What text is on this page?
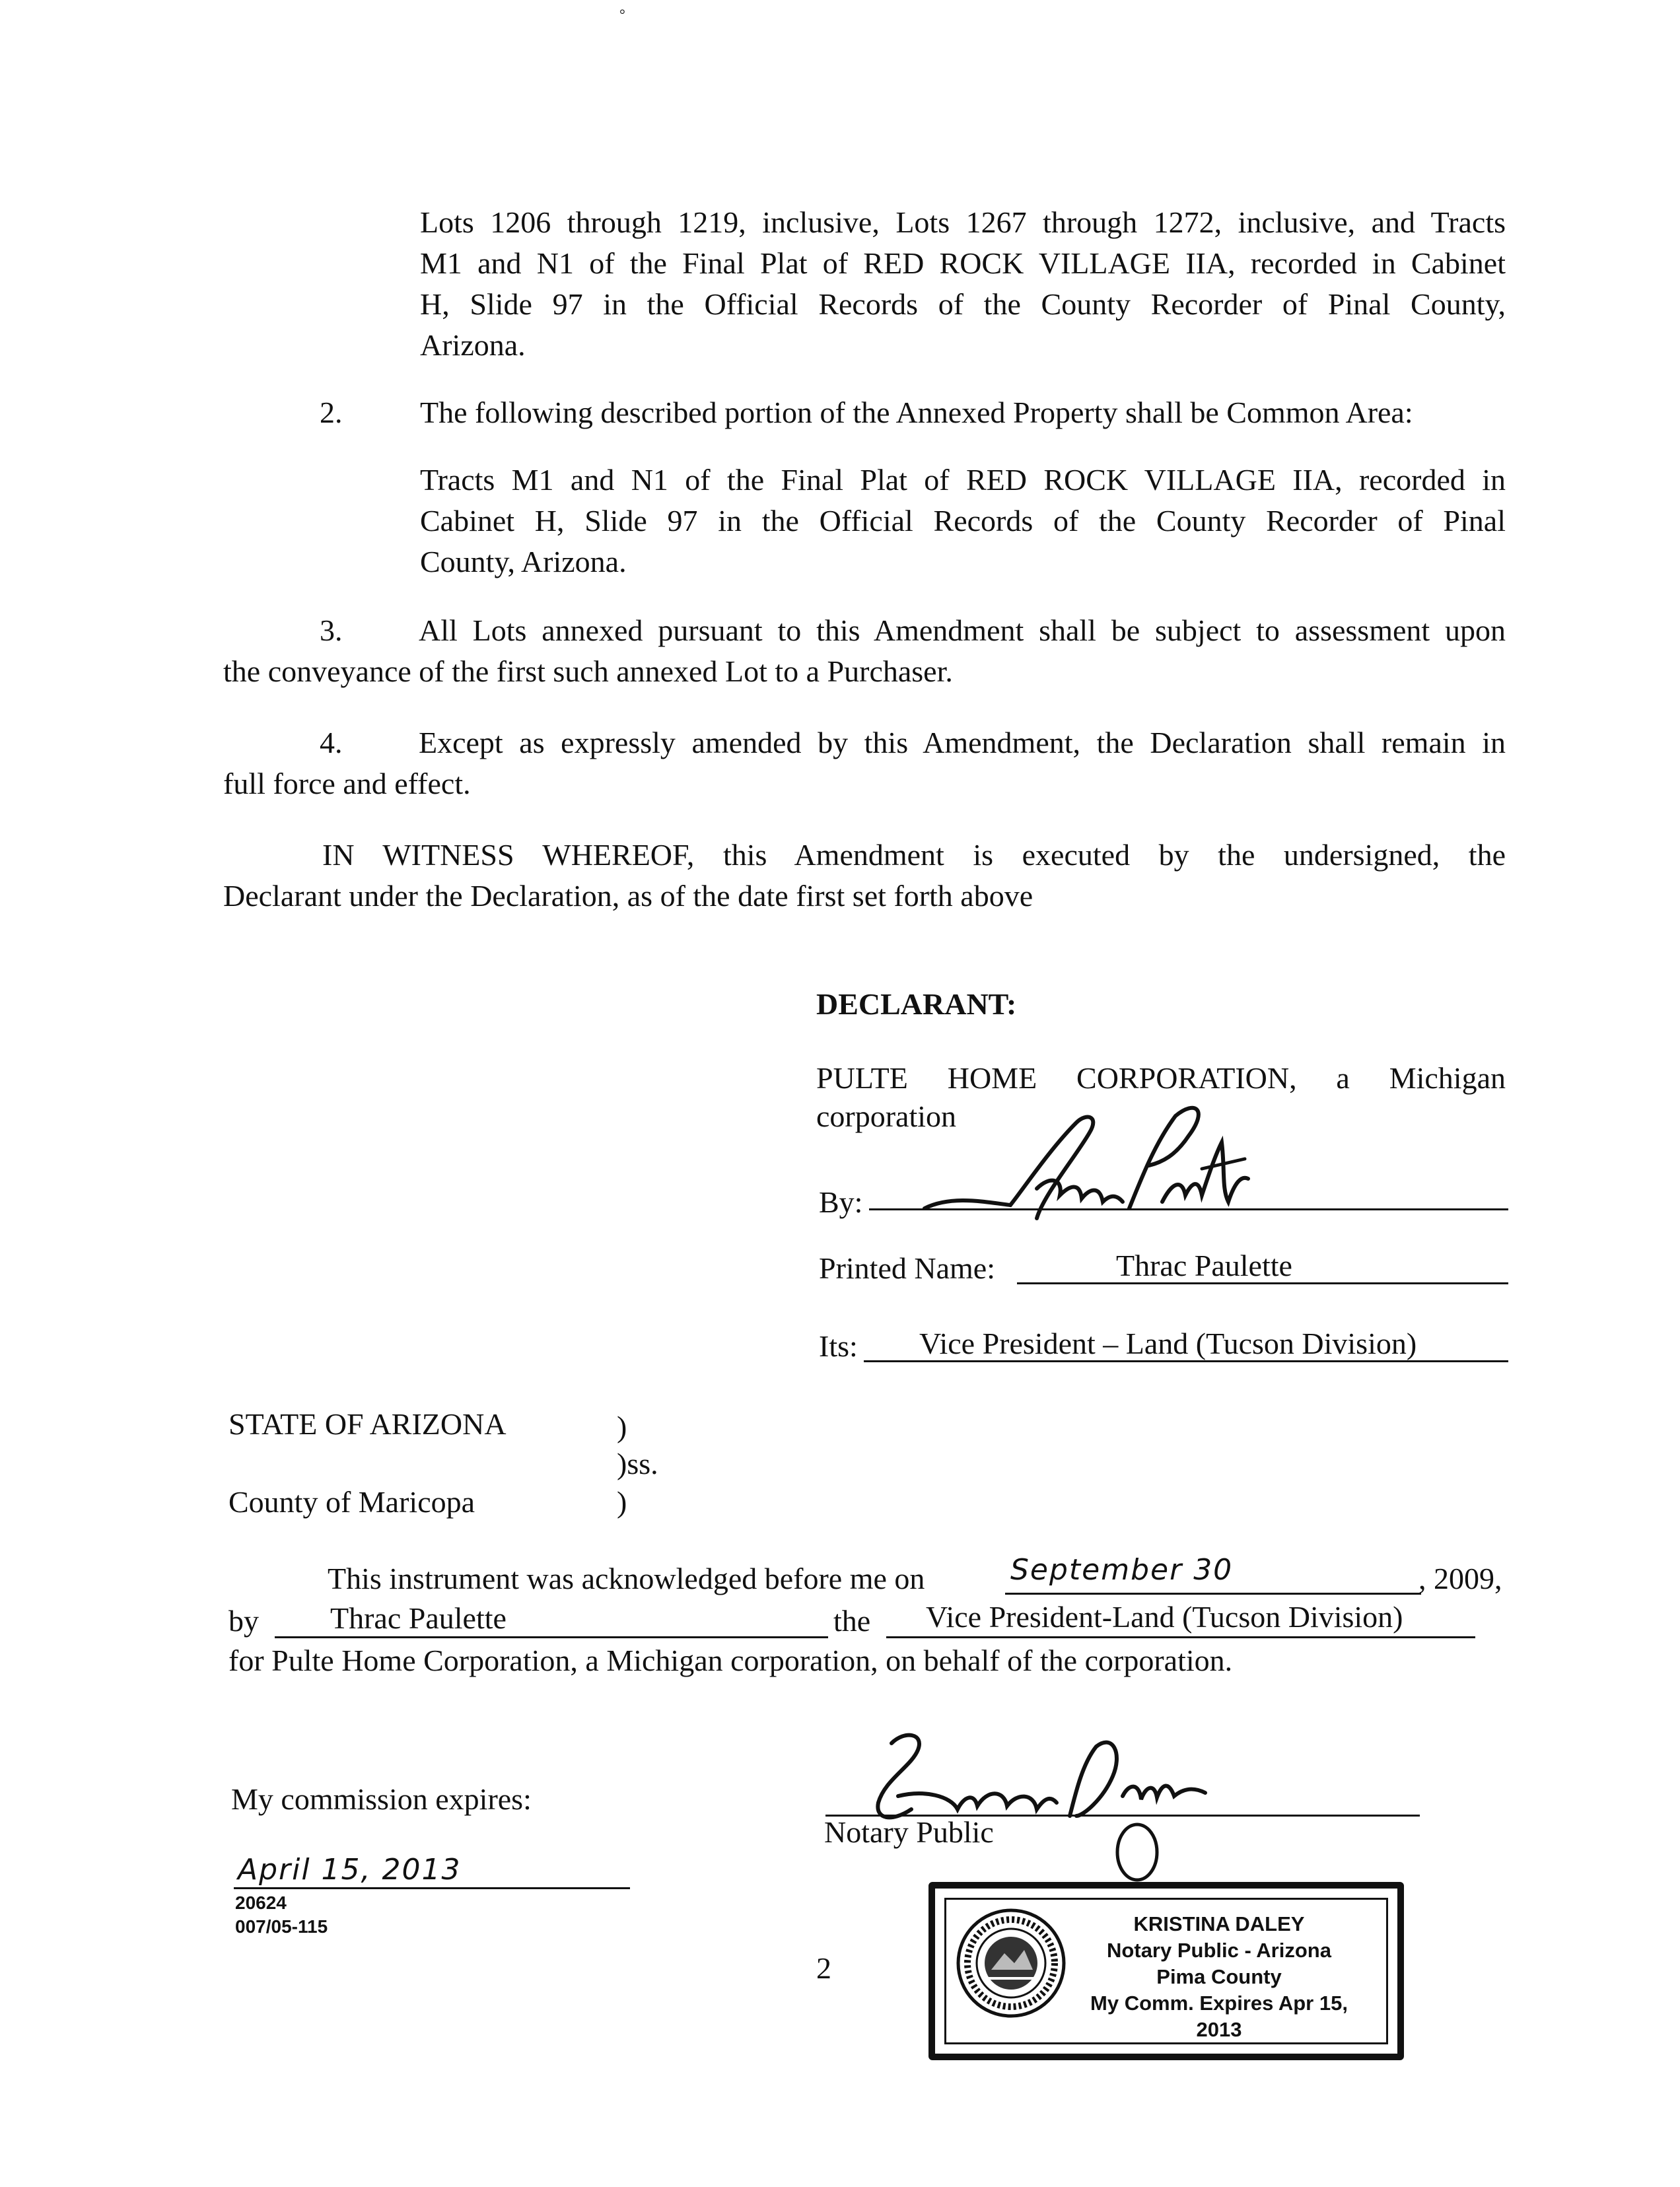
°
Lots 1206 through 1219, inclusive, Lots 1267 through 1272, inclusive, and Tracts
M1 and N1 of the Final Plat of RED ROCK VILLAGE IIA, recorded in Cabinet
H, Slide 97 in the Official Records of the County Recorder of Pinal County,
Arizona.
2.	The following described portion of the Annexed Property shall be Common Area:
Tracts M1 and N1 of the Final Plat of RED ROCK VILLAGE IIA, recorded in
Cabinet H, Slide 97 in the Official Records of the County Recorder of Pinal
County, Arizona.
3.	All Lots annexed pursuant to this Amendment shall be subject to assessment upon
the conveyance of the first such annexed Lot to a Purchaser.
4.	Except as expressly amended by this Amendment, the Declaration shall remain in
full force and effect.
IN WITNESS WHEREOF, this Amendment is executed by the undersigned, the
Declarant under the Declaration, as of the date first set forth above
DECLARANT:
PULTE HOME CORPORATION, a Michigan
corporation
By:
Printed Name:	Thrac Paulette
Its: Vice President – Land (Tucson Division)
STATE OF ARIZONA	)
)ss.
County of Maricopa	)
This instrument was acknowledged before me on	September 30	, 2009,
by Thrac Paulette	the Vice President-Land (Tucson Division)
for Pulte Home Corporation, a Michigan corporation, on behalf of the corporation.
My commission expires:
Notary Public
April 15, 2013
20624
007/05-115
2
KRISTINA DALEY
Notary Public - Arizona
Pima County
My Comm. Expires Apr 15, 2013
